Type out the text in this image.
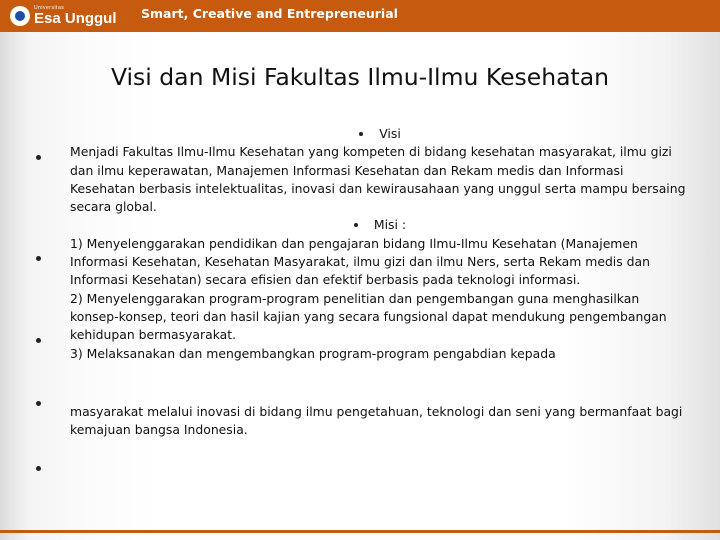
Universitas
Esa Unggul Smart, Creative and Entrepreneurial
Visi dan Misi Fakultas Ilmu-Ilmu Kesehatan

Visi

Menjadi Fakultas Ilmu-Ilmu Kesehatan yang kompeten di bidang kesehatan masyarakat, ilmu gizi dan ilmu keperawatan, Manajemen Informasi Kesehatan dan Rekam medis dan Informasi Kesehatan berbasis intelektualitas, inovasi dan kewirausahaan yang unggul serta mampu bersaing secara global.

Misi :

1) Menyelenggarakan pendidikan dan pengajaran bidang Ilmu-Ilmu Kesehatan (Manajemen Informasi Kesehatan, Kesehatan Masyarakat, ilmu gizi dan ilmu Ners, serta Rekam medis dan Informasi Kesehatan) secara efisien dan efektif berbasis pada teknologi informasi.

2) Menyelenggarakan program-program penelitian dan pengembangan guna menghasilkan konsep-konsep, teori dan hasil kajian yang secara fungsional dapat mendukung pengembangan kehidupan bermasyarakat.

3) Melaksanakan dan mengembangkan program-program pengabdian kepada

masyarakat melalui inovasi di bidang ilmu pengetahuan, teknologi dan seni yang bermanfaat bagi kemajuan bangsa Indonesia.
